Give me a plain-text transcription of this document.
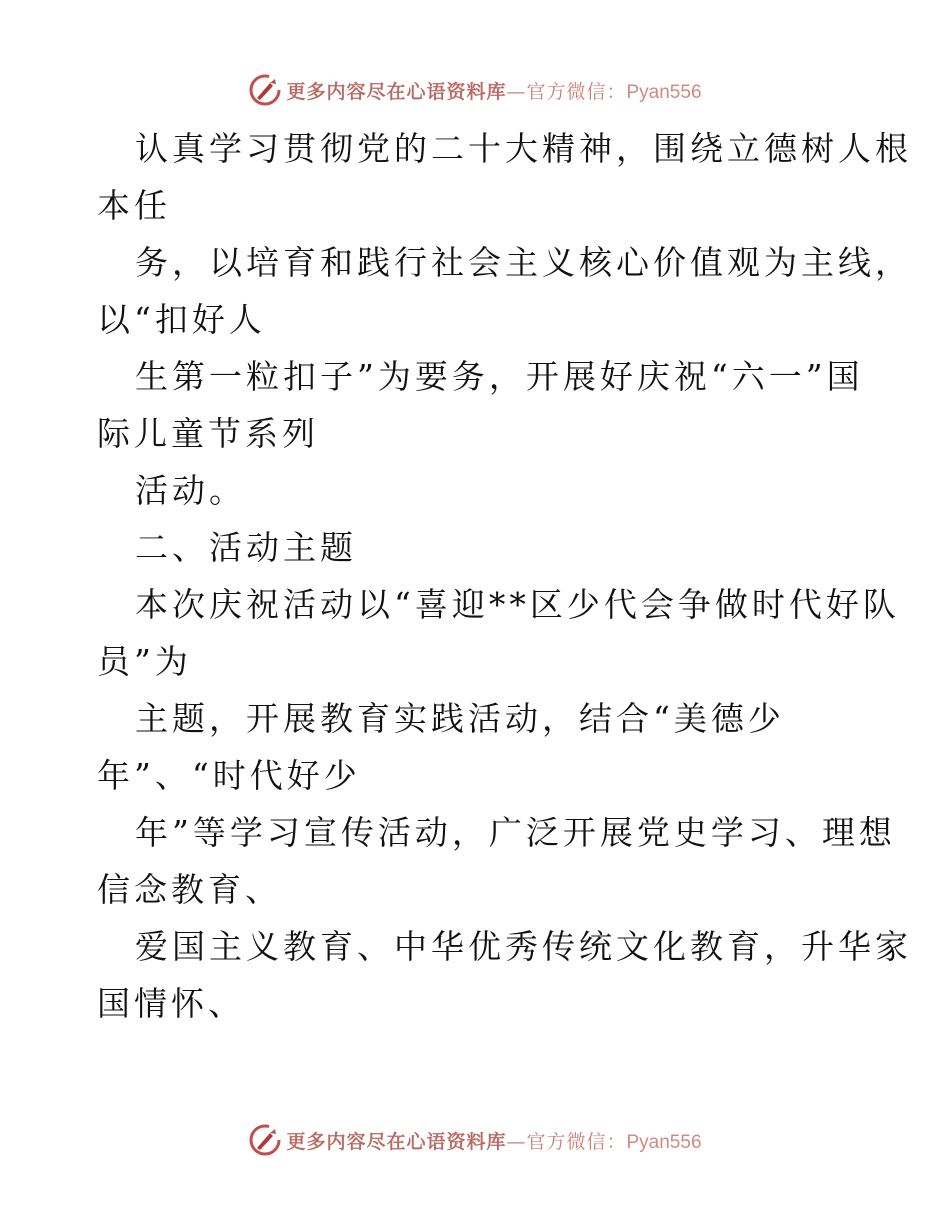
更多内容尽在心语资料库—官方微信：Pyan556
认真学习贯彻党的二十大精神，围绕立德树人根
本任
务，以培育和践行社会主义核心价值观为主线，
以“扣好人
生第一粒扣子”为要务，开展好庆祝“六一”国
际儿童节系列
活动。
二、活动主题
本次庆祝活动以“喜迎**区少代会争做时代好队
员”为
主题，开展教育实践活动，结合“美德少
年”、“时代好少
年”等学习宣传活动，广泛开展党史学习、理想
信念教育、
爱国主义教育、中华优秀传统文化教育，升华家
国情怀、
更多内容尽在心语资料库—官方微信：Pyan556
